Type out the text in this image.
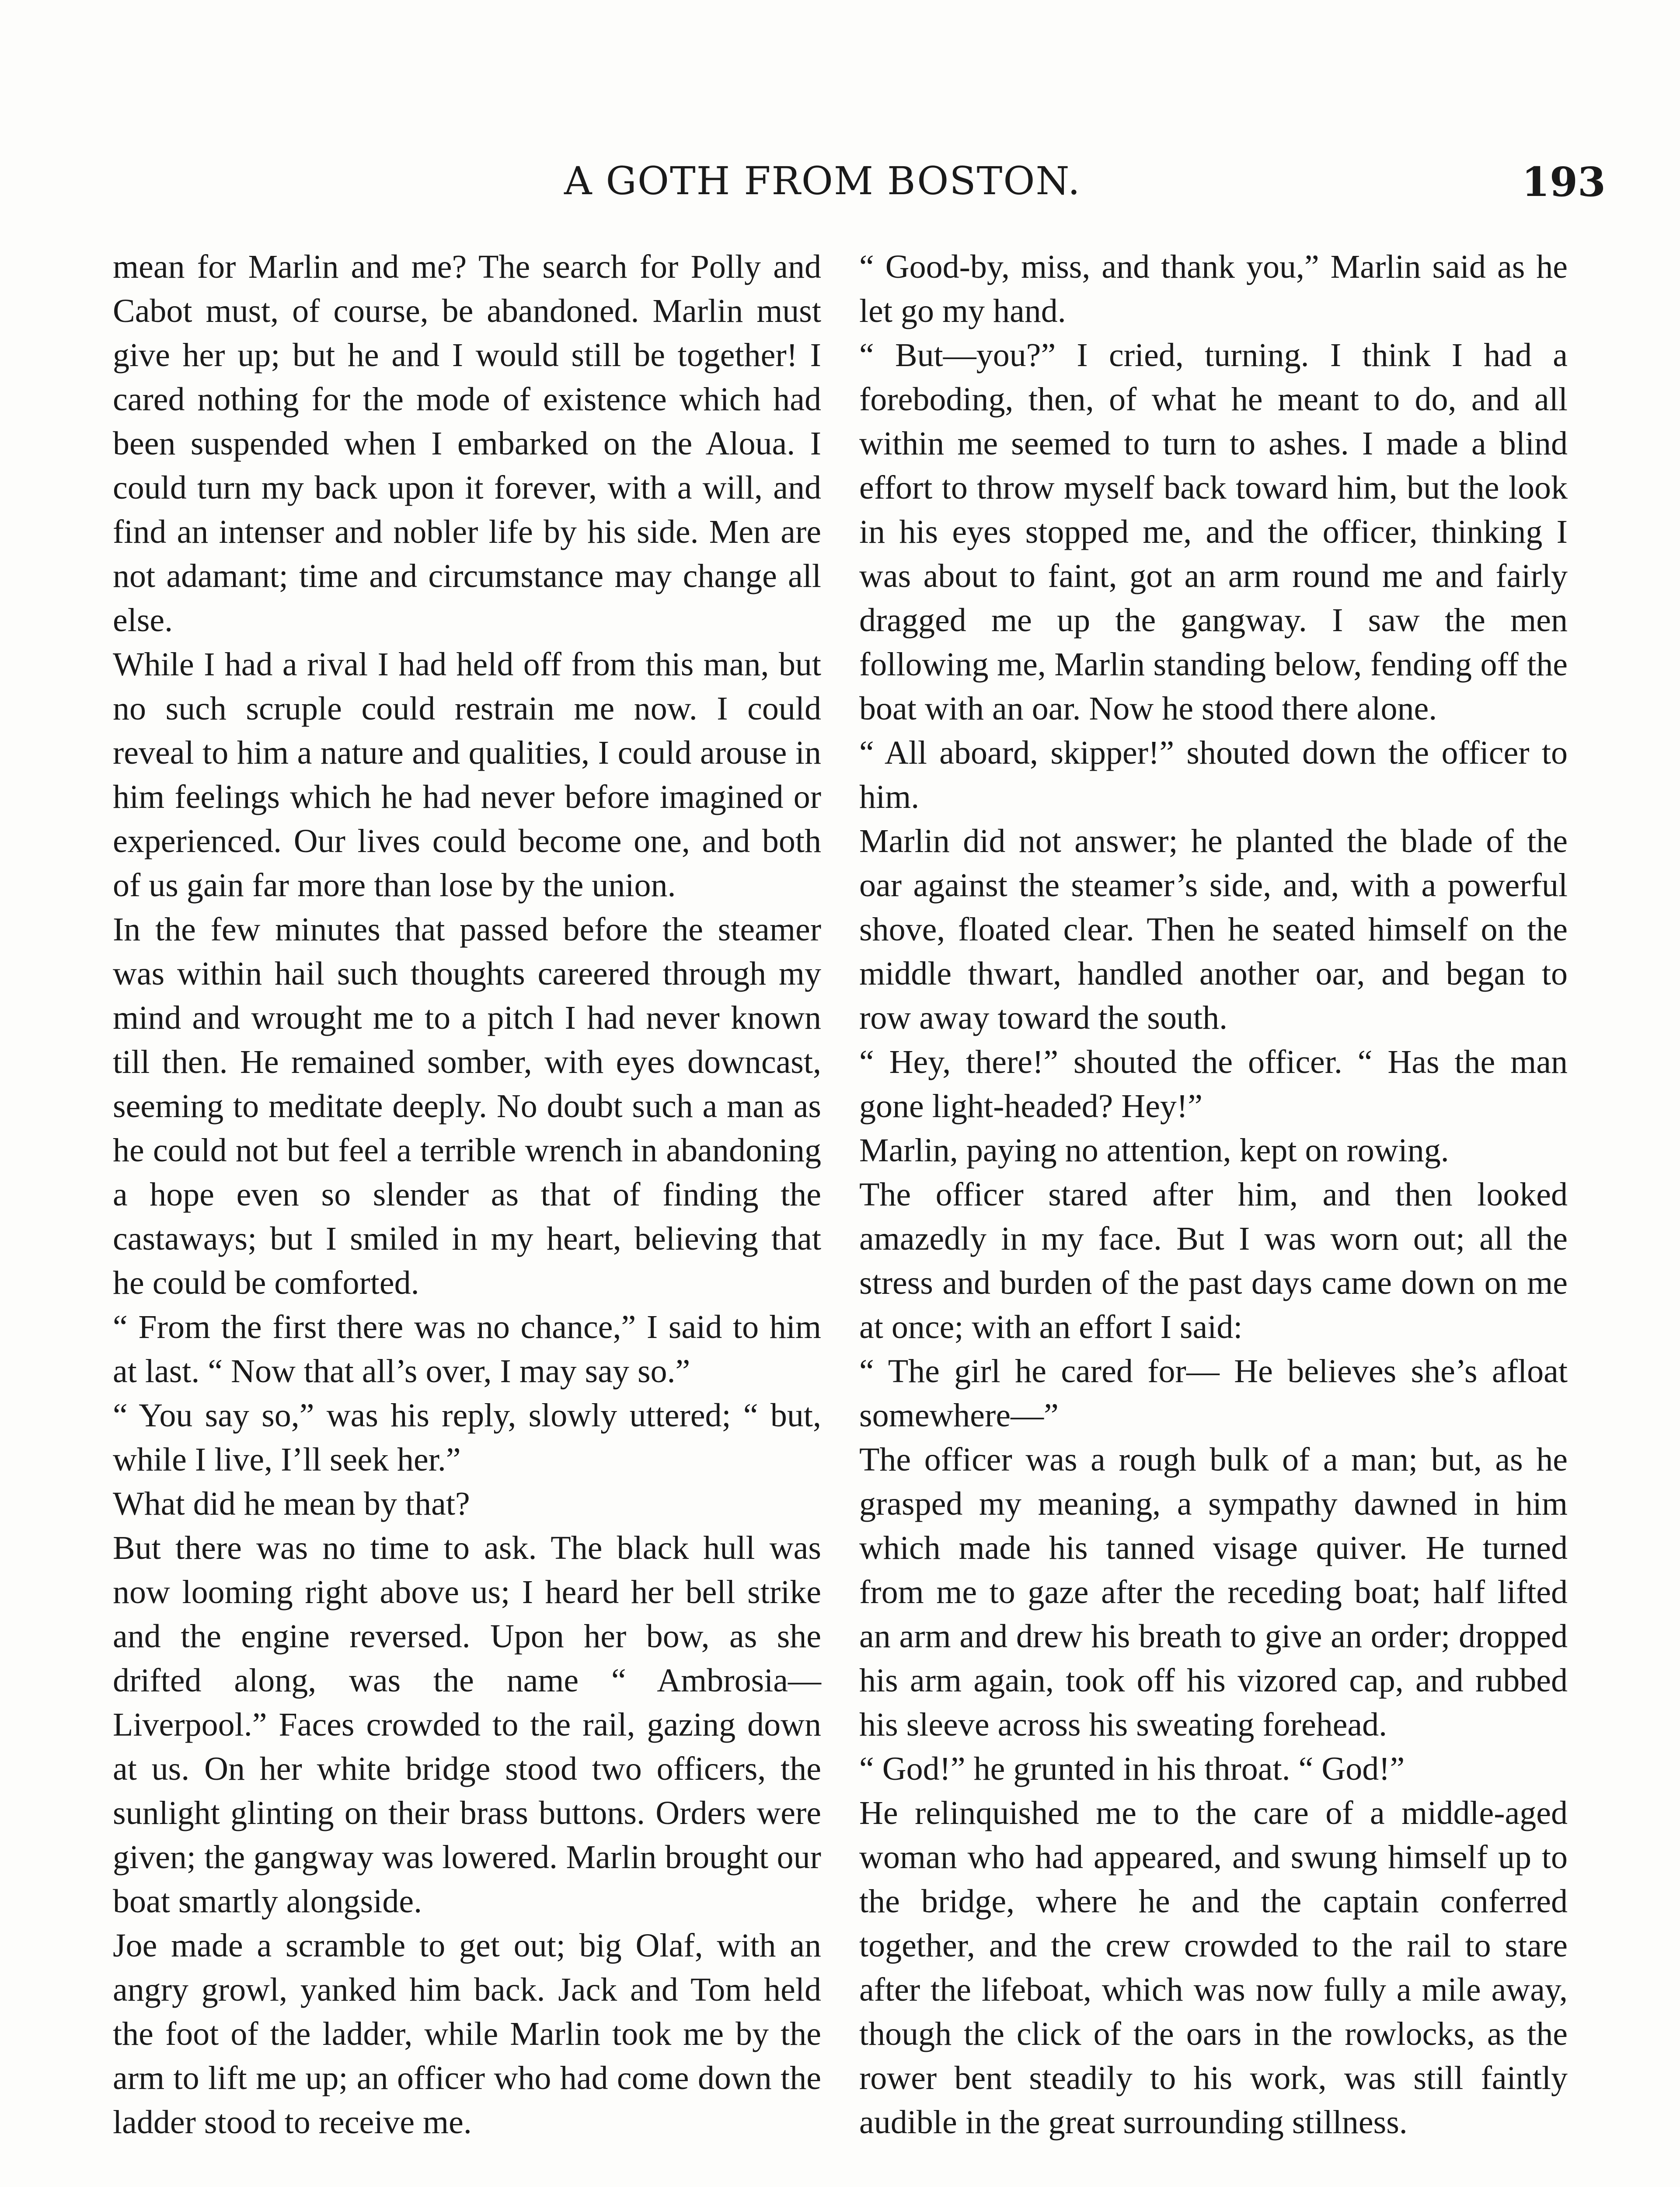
A GOTH FROM BOSTON.	193

mean for Marlin and me? The search for Polly and Cabot must, of course, be abandoned. Marlin must give her up; but he and I would still be together! I cared nothing for the mode of existence which had been suspended when I embarked on the Aloua. I could turn my back upon it forever, with a will, and find an intenser and nobler life by his side. Men are not adamant; time and circumstance may change all else.

While I had a rival I had held off from this man, but no such scruple could restrain me now. I could reveal to him a nature and qualities, I could arouse in him feelings which he had never before imagined or experienced. Our lives could become one, and both of us gain far more than lose by the union.

In the few minutes that passed before the steamer was within hail such thoughts careered through my mind and wrought me to a pitch I had never known till then. He remained somber, with eyes downcast, seeming to meditate deeply. No doubt such a man as he could not but feel a terrible wrench in abandoning a hope even so slender as that of finding the castaways; but I smiled in my heart, believing that he could be comforted.

“ From the first there was no chance,” I said to him at last. “ Now that all’s over, I may say so.”

“ You say so,” was his reply, slowly uttered; “ but, while I live, I’ll seek her.”

What did he mean by that?

But there was no time to ask. The black hull was now looming right above us; I heard her bell strike and the engine reversed. Upon her bow, as she drifted along, was the name “ Ambrosia—Liverpool.” Faces crowded to the rail, gazing down at us. On her white bridge stood two officers, the sunlight glinting on their brass buttons. Orders were given; the gangway was lowered. Marlin brought our boat smartly alongside.

Joe made a scramble to get out; big Olaf, with an angry growl, yanked him back. Jack and Tom held the foot of the ladder, while Marlin took me by the arm to lift me up; an officer who had come down the ladder stood to receive me.

“ Good-by, miss, and thank you,” Marlin said as he let go my hand.

“ But—you?” I cried, turning. I think I had a foreboding, then, of what he meant to do, and all within me seemed to turn to ashes. I made a blind effort to throw myself back toward him, but the look in his eyes stopped me, and the officer, thinking I was about to faint, got an arm round me and fairly dragged me up the gangway. I saw the men following me, Marlin standing below, fending off the boat with an oar. Now he stood there alone.

“ All aboard, skipper!” shouted down the officer to him.

Marlin did not answer; he planted the blade of the oar against the steamer’s side, and, with a powerful shove, floated clear. Then he seated himself on the middle thwart, handled another oar, and began to row away toward the south.

“ Hey, there!” shouted the officer. “ Has the man gone light-headed? Hey!”

Marlin, paying no attention, kept on rowing.

The officer stared after him, and then looked amazedly in my face. But I was worn out; all the stress and burden of the past days came down on me at once; with an effort I said:

“ The girl he cared for— He believes she’s afloat somewhere—”

The officer was a rough bulk of a man; but, as he grasped my meaning, a sympathy dawned in him which made his tanned visage quiver. He turned from me to gaze after the receding boat; half lifted an arm and drew his breath to give an order; dropped his arm again, took off his vizored cap, and rubbed his sleeve across his sweating forehead.

“ God!” he grunted in his throat. “ God!”

He relinquished me to the care of a middle-aged woman who had appeared, and swung himself up to the bridge, where he and the captain conferred together, and the crew crowded to the rail to stare after the lifeboat, which was now fully a mile away, though the click of the oars in the rowlocks, as the rower bent steadily to his work, was still faintly audible in the great surrounding stillness.
